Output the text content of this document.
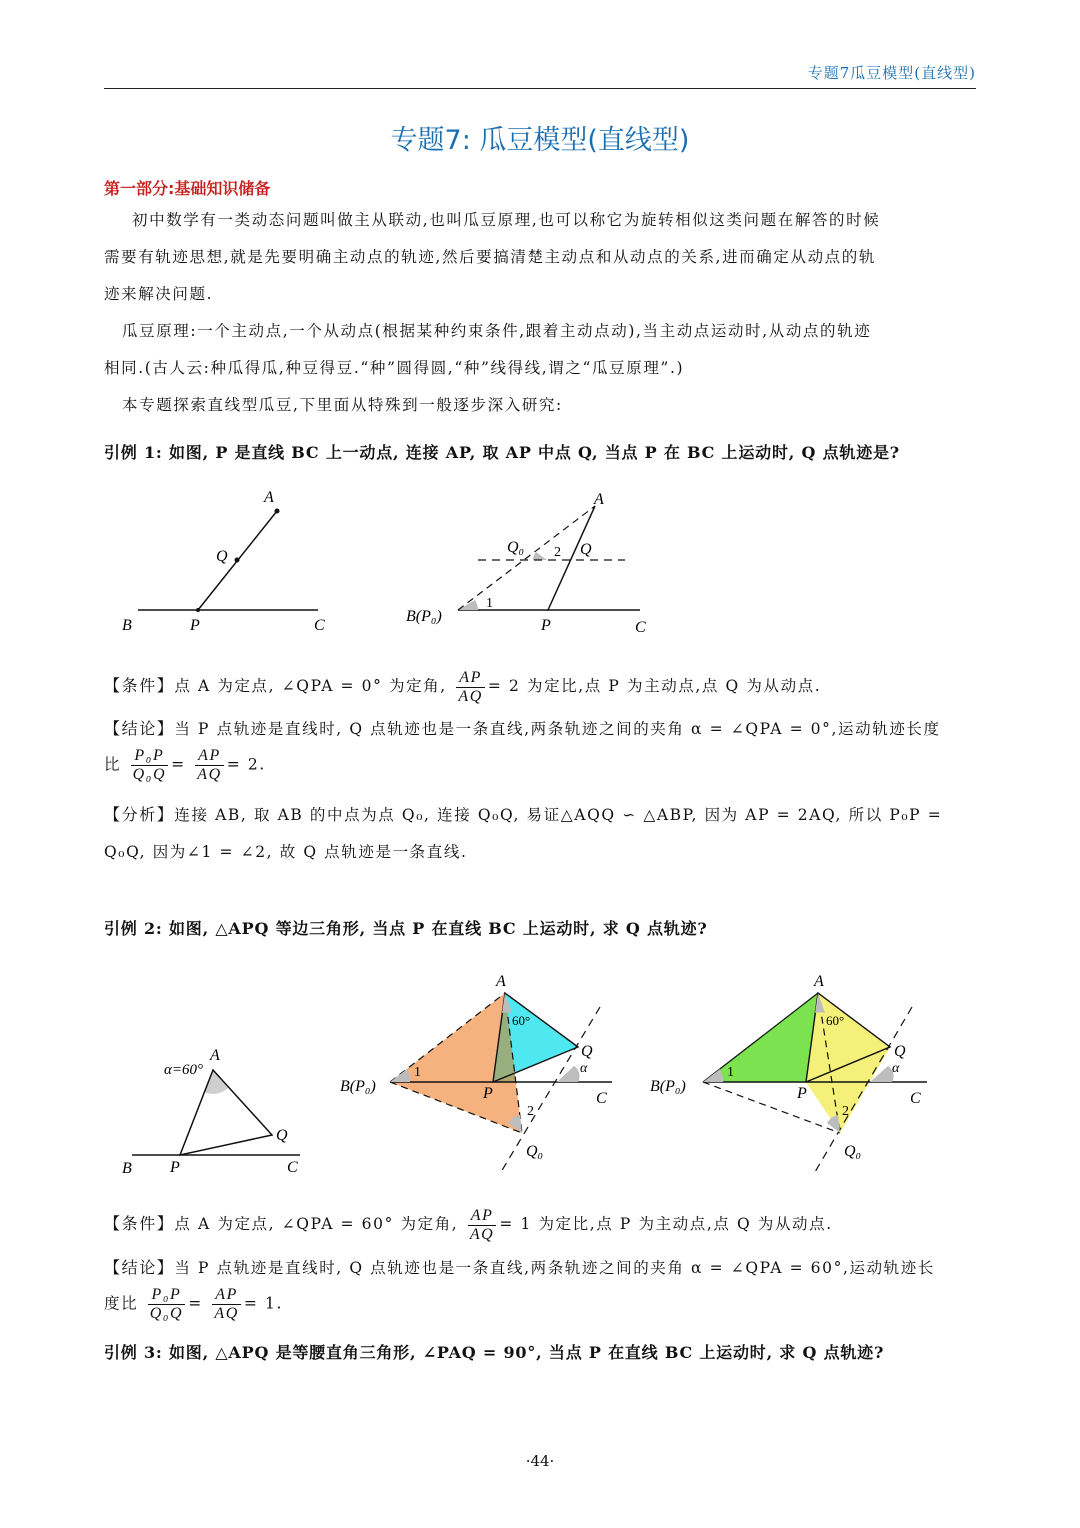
专题7瓜豆模型(直线型)
专题7: 瓜豆模型(直线型)
第一部分:基础知识储备
初中数学有一类动态问题叫做主从联动,也叫瓜豆原理,也可以称它为旋转相似这类问题在解答的时候
需要有轨迹思想,就是先要明确主动点的轨迹,然后要搞清楚主动点和从动点的关系,进而确定从动点的轨
迹来解决问题.
瓜豆原理:一个主动点,一个从动点(根据某种约束条件,跟着主动点动),当主动点运动时,从动点的轨迹
相同.(古人云:种瓜得瓜,种豆得豆.“种”圆得圆,“种”线得线,谓之“瓜豆原理”.)
本专题探索直线型瓜豆,下里面从特殊到一般逐步深入研究:
引例 1: 如图, P 是直线 BC 上一动点, 连接 AP, 取 AP 中点 Q, 当点 P 在 BC 上运动时, Q 点轨迹是?
A
Q
B	P	C
A
Q₀ 2 Q
1
B(P₀)
P	C
【条件】点 A 为定点, ∠QPA = 0° 为定角, $\frac{AP}{AQ} = 2$ 为定比,点 P 为主动点,点 Q 为从动点.
【结论】当 P 点轨迹是直线时, Q 点轨迹也是一条直线,两条轨迹之间的夹角 α = ∠QPA = 0°,运动轨迹长度
比 $\frac{\text{P₀P}}{\text{Q₀Q}} = \frac{AP}{AQ} = 2$.
【分析】连接 AB, 取 AB 的中点为点 Q₀, 连接 Q₀Q, 易证△AQQ ∽ △ABP, 因为 AP = 2AQ, 所以 P₀P =
Q₀Q, 因为∠1 = ∠2, 故 Q 点轨迹是一条直线.
引例 2: 如图, △APQ 等边三角形, 当点 P 在直线 BC 上运动时, 求 Q 点轨迹?
α=60°
A
Q
B P	C
A
60°
Q
α
B(P₀)
1
P	C
2
Q₀
A
60°
Q
α
B(P₀)
1
P	C
2
Q₀
【条件】点 A 为定点, ∠QPA = 60° 为定角, $\frac{AP}{AQ} = 1$ 为定比,点 P 为主动点,点 Q 为从动点.
【结论】当 P 点轨迹是直线时, Q 点轨迹也是一条直线,两条轨迹之间的夹角 α = ∠QPA = 60°,运动轨迹长
度比 $\frac{\text{P₀P}}{\text{Q₀Q}} = \frac{AP}{AQ} = 1$.
引例 3: 如图, △APQ 是等腰直角三角形, ∠PAQ = 90°, 当点 P 在直线 BC 上运动时, 求 Q 点轨迹?
·44·
